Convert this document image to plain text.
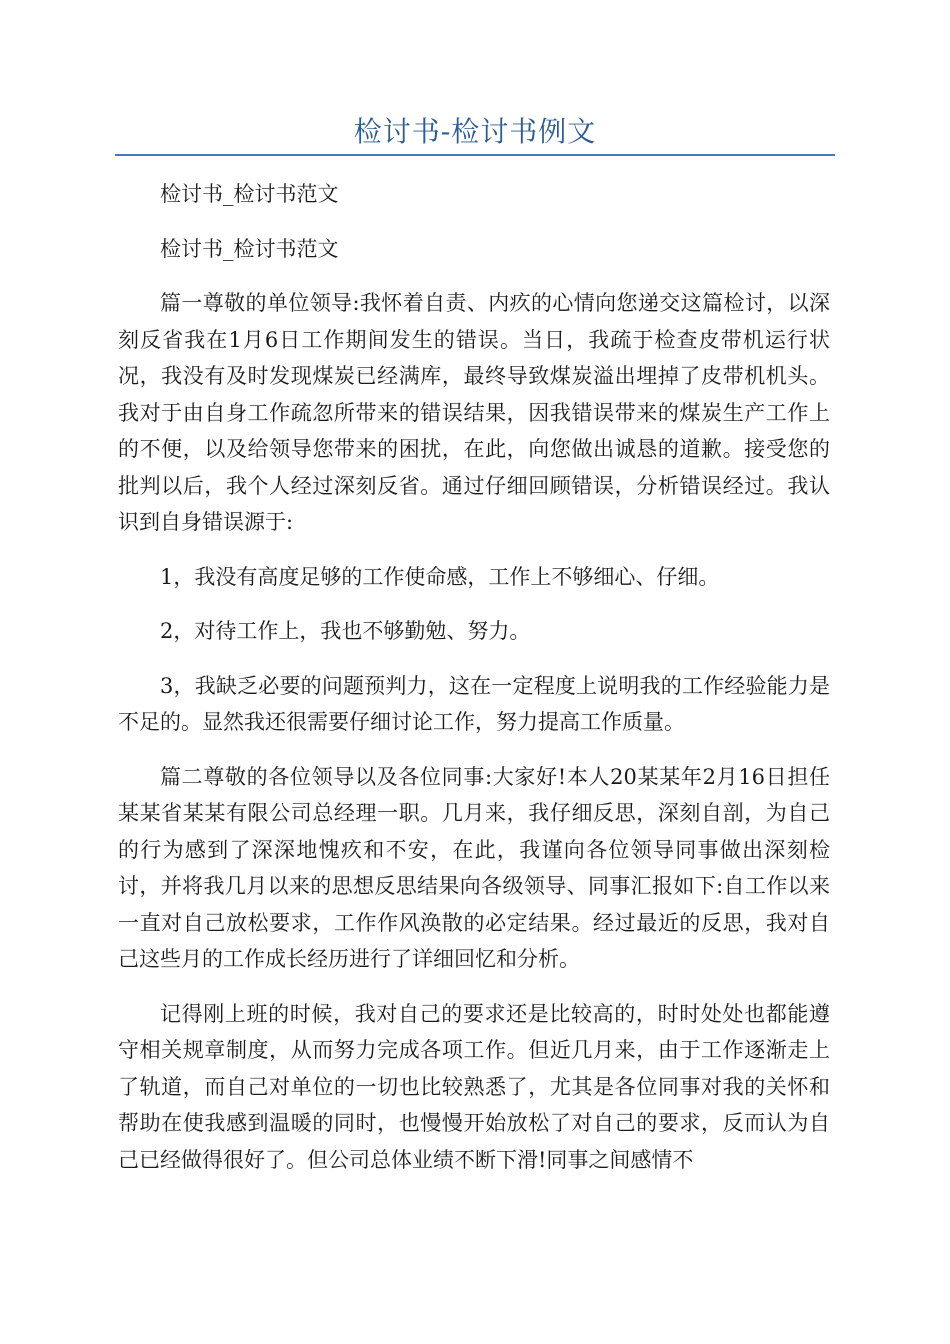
检讨书-检讨书例文

检讨书_检讨书范文

检讨书_检讨书范文

篇一尊敬的单位领导:我怀着自责、内疚的心情向您递交这篇检讨，以深刻反省我在1月6日工作期间发生的错误。当日，我疏于检查皮带机运行状况，我没有及时发现煤炭已经满库，最终导致煤炭溢出埋掉了皮带机机头。我对于由自身工作疏忽所带来的错误结果，因我错误带来的煤炭生产工作上的不便，以及给领导您带来的困扰，在此，向您做出诚恳的道歉。接受您的批判以后，我个人经过深刻反省。通过仔细回顾错误，分析错误经过。我认识到自身错误源于:

1，我没有高度足够的工作使命感，工作上不够细心、仔细。

2，对待工作上，我也不够勤勉、努力。

3，我缺乏必要的问题预判力，这在一定程度上说明我的工作经验能力是不足的。显然我还很需要仔细讨论工作，努力提高工作质量。

篇二尊敬的各位领导以及各位同事:大家好!本人20某某年2月16日担任某某省某某有限公司总经理一职。几月来，我仔细反思，深刻自剖，为自己的行为感到了深深地愧疚和不安，在此，我谨向各位领导同事做出深刻检讨，并将我几月以来的思想反思结果向各级领导、同事汇报如下:自工作以来一直对自己放松要求，工作作风涣散的必定结果。经过最近的反思，我对自己这些月的工作成长经历进行了详细回忆和分析。

记得刚上班的时候，我对自己的要求还是比较高的，时时处处也都能遵守相关规章制度，从而努力完成各项工作。但近几月来，由于工作逐渐走上了轨道，而自己对单位的一切也比较熟悉了，尤其是各位同事对我的关怀和帮助在使我感到温暖的同时，也慢慢开始放松了对自己的要求，反而认为自己已经做得很好了。但公司总体业绩不断下滑!同事之间感情不
